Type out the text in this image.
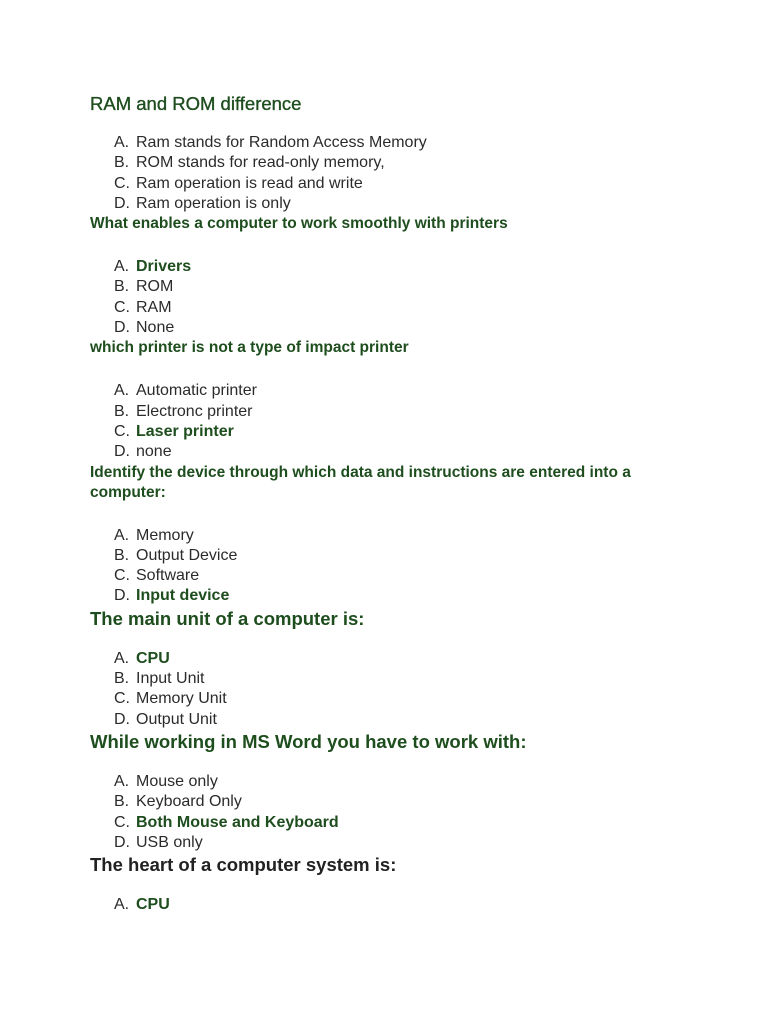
RAM and ROM difference
A. Ram stands for Random Access Memory
B. ROM stands for read-only memory,
C. Ram operation is read and write
D. Ram operation is only
What enables a computer to work smoothly with printers
A. Drivers
B. ROM
C. RAM
D. None
which printer is not a type of impact printer
A. Automatic printer
B. Electronc printer
C. Laser printer
D. none
Identify the device through which data and instructions are entered into a computer:
A. Memory
B. Output Device
C. Software
D. Input device
The main unit of a computer is:
A. CPU
B. Input Unit
C. Memory Unit
D. Output Unit
While working in MS Word you have to work with:
A. Mouse only
B. Keyboard Only
C. Both Mouse and Keyboard
D. USB only
The heart of a computer system is:
A. CPU
